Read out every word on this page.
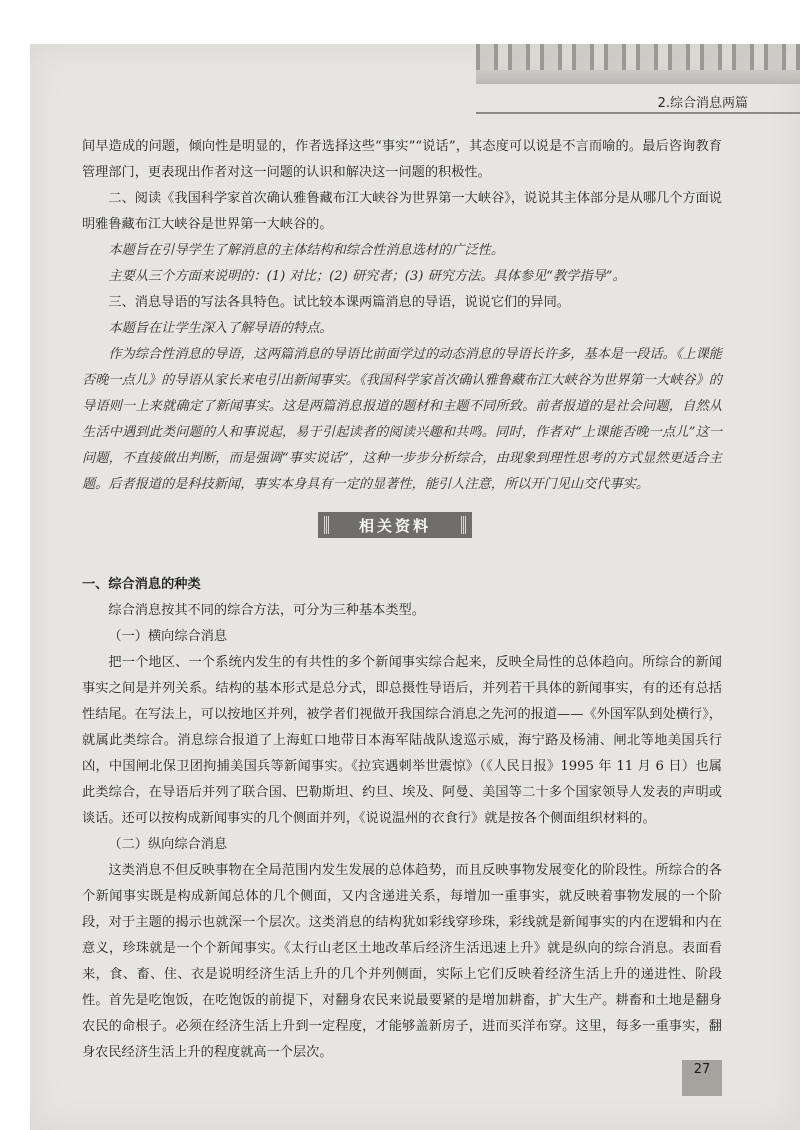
2.综合消息两篇

间早造成的问题，倾向性是明显的，作者选择这些“事实”“说话”，其态度可以说是不言而喻的。最后咨询教育管理部门，更表现出作者对这一问题的认识和解决这一问题的积极性。

二、阅读《我国科学家首次确认雅鲁藏布江大峡谷为世界第一大峡谷》，说说其主体部分是从哪几个方面说明雅鲁藏布江大峡谷是世界第一大峡谷的。

本题旨在引导学生了解消息的主体结构和综合性消息选材的广泛性。

主要从三个方面来说明的：(1) 对比；(2) 研究者；(3) 研究方法。具体参见“教学指导”。

三、消息导语的写法各具特色。试比较本课两篇消息的导语，说说它们的异同。

本题旨在让学生深入了解导语的特点。

作为综合性消息的导语，这两篇消息的导语比前面学过的动态消息的导语长许多，基本是一段话。《上课能否晚一点儿》的导语从家长来电引出新闻事实。《我国科学家首次确认雅鲁藏布江大峡谷为世界第一大峡谷》的导语则一上来就确定了新闻事实。这是两篇消息报道的题材和主题不同所致。前者报道的是社会问题，自然从生活中遇到此类问题的人和事说起，易于引起读者的阅读兴趣和共鸣。同时，作者对“上课能否晚一点儿”这一问题，不直接做出判断，而是强调“事实说话”，这种一步步分析综合，由现象到理性思考的方式显然更适合主题。后者报道的是科技新闻，事实本身具有一定的显著性，能引人注意，所以开门见山交代事实。

相关资料

一、综合消息的种类

综合消息按其不同的综合方法，可分为三种基本类型。

（一）横向综合消息

把一个地区、一个系统内发生的有共性的多个新闻事实综合起来，反映全局性的总体趋向。所综合的新闻事实之间是并列关系。结构的基本形式是总分式，即总摄性导语后，并列若干具体的新闻事实，有的还有总括性结尾。在写法上，可以按地区并列，被学者们视做开我国综合消息之先河的报道——《外国军队到处横行》，就属此类综合。消息综合报道了上海虹口地带日本海军陆战队逡巡示威，海宁路及杨浦、闸北等地美国兵行凶，中国闸北保卫团拘捕美国兵等新闻事实。《拉宾遇刺举世震惊》（《人民日报》1995 年 11 月 6 日）也属此类综合，在导语后并列了联合国、巴勒斯坦、约旦、埃及、阿曼、美国等二十多个国家领导人发表的声明或谈话。还可以按构成新闻事实的几个侧面并列，《说说温州的衣食行》就是按各个侧面组织材料的。

（二）纵向综合消息

这类消息不但反映事物在全局范围内发生发展的总体趋势，而且反映事物发展变化的阶段性。所综合的各个新闻事实既是构成新闻总体的几个侧面，又内含递进关系，每增加一重事实，就反映着事物发展的一个阶段，对于主题的揭示也就深一个层次。这类消息的结构犹如彩线穿珍珠，彩线就是新闻事实的内在逻辑和内在意义，珍珠就是一个个新闻事实。《太行山老区土地改革后经济生活迅速上升》就是纵向的综合消息。表面看来，食、畜、住、衣是说明经济生活上升的几个并列侧面，实际上它们反映着经济生活上升的递进性、阶段性。首先是吃饱饭，在吃饱饭的前提下，对翻身农民来说最要紧的是增加耕畜，扩大生产。耕畜和土地是翻身农民的命根子。必须在经济生活上升到一定程度，才能够盖新房子，进而买洋布穿。这里，每多一重事实，翻身农民经济生活上升的程度就高一个层次。

27
